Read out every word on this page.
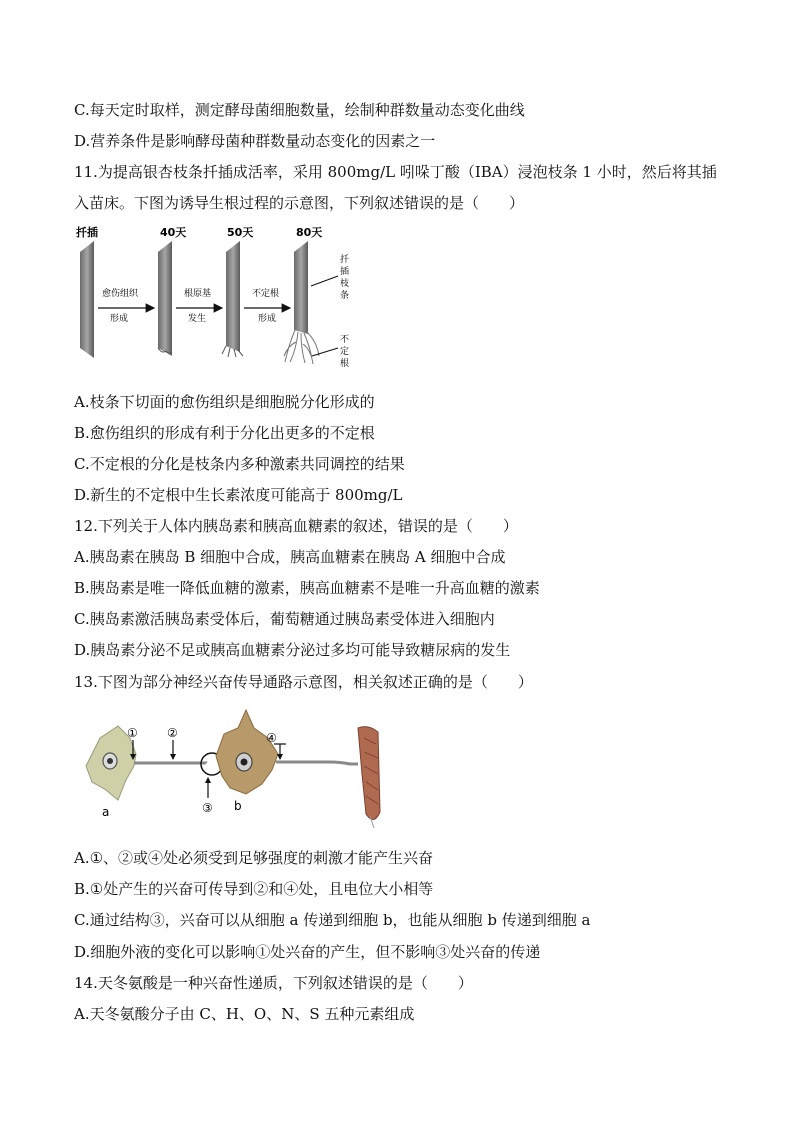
C.每天定时取样，测定酵母菌细胞数量，绘制种群数量动态变化曲线
D.营养条件是影响酵母菌种群数量动态变化的因素之一
11.为提高银杏枝条扦插成活率，采用 800mg/L 吲哚丁酸（IBA）浸泡枝条 1 小时，然后将其插
入苗床。下图为诱导生根过程的示意图，下列叙述错误的是（　　）
扦插	40天	50天	80天
愈伤组织
形成
根原基
发生
不定根
形成
扦
插
枝
条
不
定
根
A.枝条下切面的愈伤组织是细胞脱分化形成的
B.愈伤组织的形成有利于分化出更多的不定根
C.不定根的分化是枝条内多种激素共同调控的结果
D.新生的不定根中生长素浓度可能高于 800mg/L
12.下列关于人体内胰岛素和胰高血糖素的叙述，错误的是（　　）
A.胰岛素在胰岛 B 细胞中合成，胰高血糖素在胰岛 A 细胞中合成
B.胰岛素是唯一降低血糖的激素，胰高血糖素不是唯一升高血糖的激素
C.胰岛素激活胰岛素受体后，葡萄糖通过胰岛素受体进入细胞内
D.胰岛素分泌不足或胰高血糖素分泌过多均可能导致糖尿病的发生
13.下图为部分神经兴奋传导通路示意图，相关叙述正确的是（　　）
① ②
③
④
a	b
A.①、②或④处必须受到足够强度的刺激才能产生兴奋
B.①处产生的兴奋可传导到②和④处，且电位大小相等
C.通过结构③，兴奋可以从细胞 a 传递到细胞 b，也能从细胞 b 传递到细胞 a
D.细胞外液的变化可以影响①处兴奋的产生，但不影响③处兴奋的传递
14.天冬氨酸是一种兴奋性递质，下列叙述错误的是（　　）
A.天冬氨酸分子由 C、H、O、N、S 五种元素组成
